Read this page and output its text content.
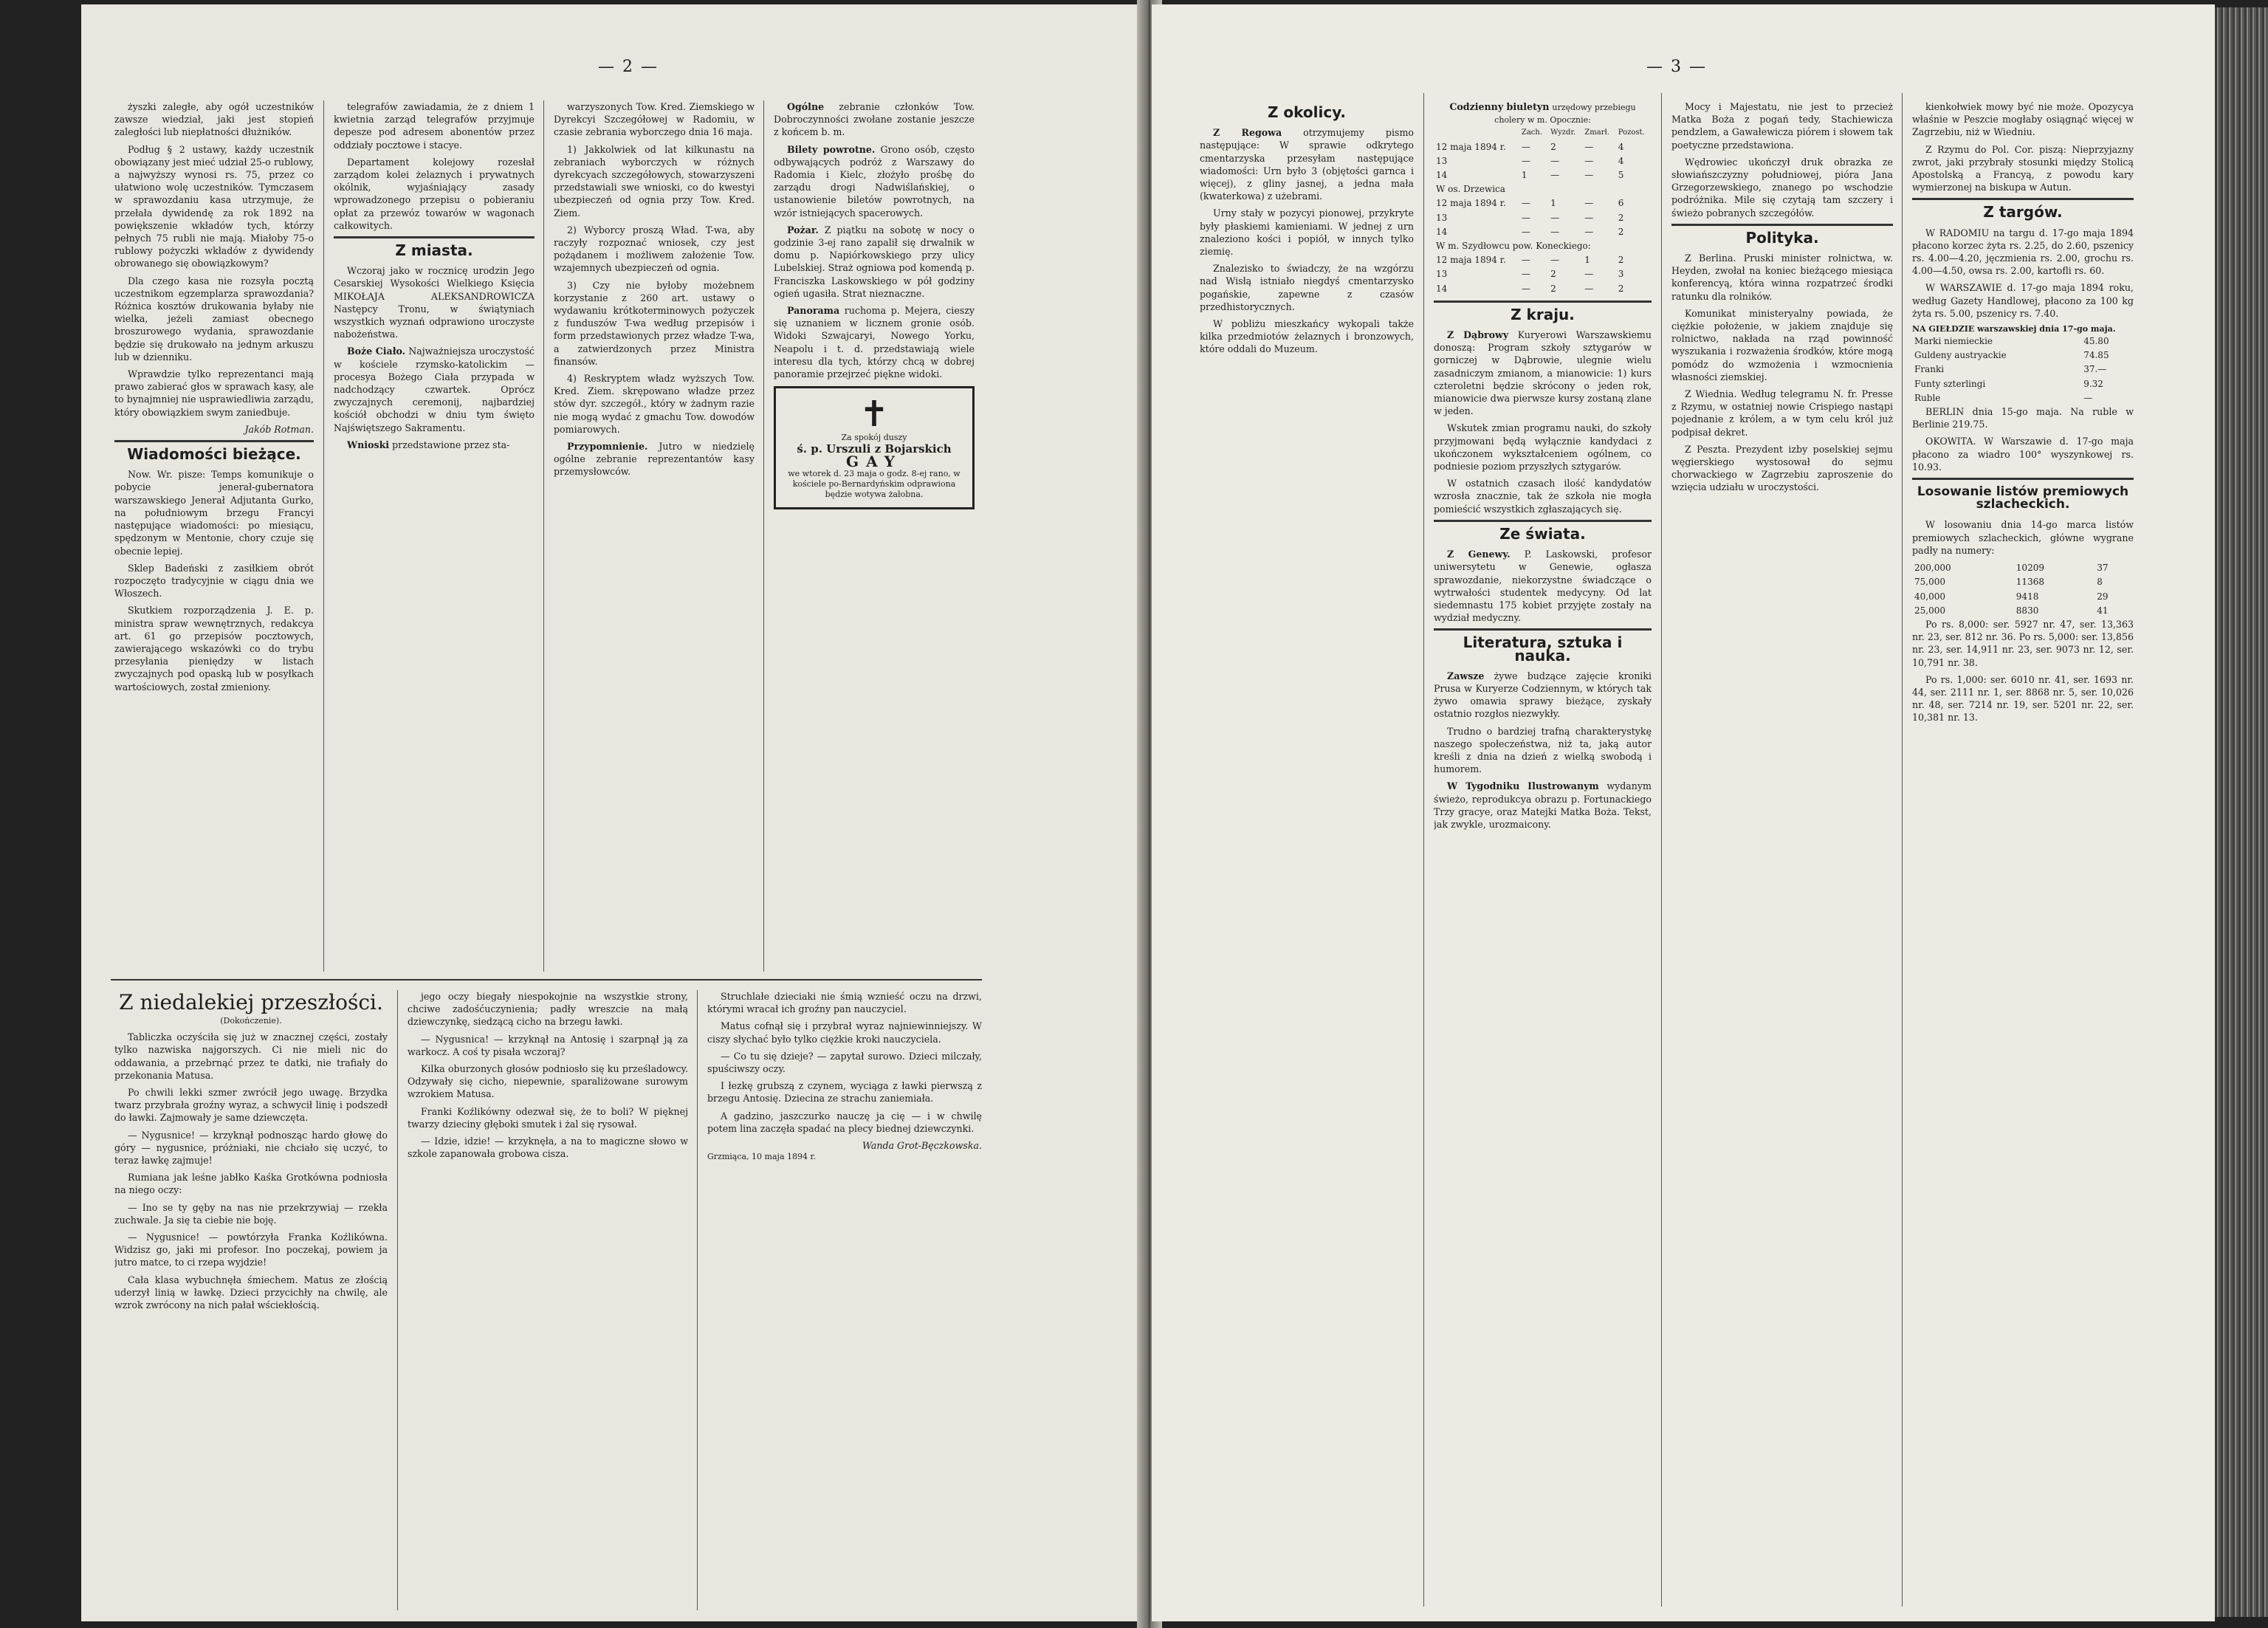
— 2 —

żyszki zaległe, aby ogół uczestników zawsze wiedział, jaki jest stopień zaległości lub niepłatności dłużników.

Podług § 2 ustawy, każdy uczestnik obowiązany jest mieć udział 25-o rublowy, a najwyższy wynosi rs. 75, przez co ułatwiono wolę uczestników. Tymczasem w sprawozdaniu kasa utrzymuje, że przełała dywidendę za rok 1892 na powiększenie wkładów tych, którzy pełnych 75 rubli nie mają. Miałoby 75-o rublowy pożyczki wkładów z dywidendy obrowanego się obowiązkowym?

Dla czego kasa nie rozsyła pocztą uczestnikom egzemplarza sprawozdania? Różnica kosztów drukowania byłaby nie wielka, jeżeli zamiast obecnego broszurowego wydania, sprawozdanie będzie się drukowało na jednym arkuszu lub w dzienniku.

Wprawdzie tylko reprezentanci mają prawo zabierać głos w sprawach kasy, ale to bynajmniej nie usprawiedliwia zarządu, który obowiązkiem swym zaniedbuje.

Jakób Rotman.
Wiadomości bieżące.

Now. Wr. pisze: Temps komunikuje o pobycie jenerał-gubernatora warszawskiego Jenerał Adjutanta Gurko, na południowym brzegu Francyi następujące wiadomości: po miesiącu, spędzonym w Mentonie, chory czuje się obecnie lepiej.

Sklep Badeński z zasiłkiem obrót rozpoczęto tradycyjnie w ciągu dnia we Włoszech.

Skutkiem rozporządzenia J. E. p. ministra spraw wewnętrznych, redakcya art. 61 go przepisów pocztowych, zawierającego wskazówki co do trybu przesyłania pieniędzy w listach zwyczajnych pod opaską lub w posyłkach wartościowych, został zmieniony.

telegrafów zawiadamia, że z dniem 1 kwietnia zarząd telegrafów przyjmuje depesze pod adresem abonentów przez oddziały pocztowe i stacye.

Departament kolejowy rozesłał zarządom kolei żelaznych i prywatnych okólnik, wyjaśniający zasady wprowadzonego przepisu o pobieraniu opłat za przewóz towarów w wagonach całkowitych.

Z miasta.

Wczoraj jako w rocznicę urodzin Jego Cesarskiej Wysokości Wielkiego Księcia MIKOŁAJA ALEKSANDROWICZA Następcy Tronu, w świątyniach wszystkich wyznań odprawiono uroczyste nabożeństwa.

Boże Ciało. Najważniejsza uroczystość w kościele rzymsko-katolickim — procesya Bożego Ciała przypada w nadchodzący czwartek. Oprócz zwyczajnych ceremonij, najbardziej kościół obchodzi w dniu tym święto Najświętszego Sakramentu.

Wnioski przedstawione przez sta-

warzyszonych Tow. Kred. Ziemskiego w Dyrekcyi Szczegółowej w Radomiu, w czasie zebrania wyborczego dnia 16 maja.

1) Jakkolwiek od lat kilkunastu na zebraniach wyborczych w różnych dyrekcyach szczegółowych, stowarzyszeni przedstawiali swe wnioski, co do kwestyi ubezpieczeń od ognia przy Tow. Kred. Ziem.

2) Wyborcy proszą Wład. T-wa, aby raczyły rozpoznać wniosek, czy jest pożądanem i możliwem założenie Tow. wzajemnych ubezpieczeń od ognia.

3) Czy nie byłoby możebnem korzystanie z 260 art. ustawy o wydawaniu krótkoterminowych pożyczek z funduszów T-wa według przepisów i form przedstawionych przez władze T-wa, a zatwierdzonych przez Ministra finansów.

4) Reskryptem władz wyższych Tow. Kred. Ziem. skrępowano władze przez stów dyr. szczegół., który w żadnym razie nie mogą wydać z gmachu Tow. dowodów pomiarowych.

Przypomnienie. Jutro w niedzielę ogólne zebranie reprezentantów kasy przemysłowców.

Ogólne zebranie członków Tow. Dobroczynności zwołane zostanie jeszcze z końcem b. m.

Bilety powrotne. Grono osób, często odbywających podróż z Warszawy do Radomia i Kielc, złożyło prośbę do zarządu drogi Nadwiślańskiej, o ustanowienie biletów powrotnych, na wzór istniejących spacerowych.

Pożar. Z piątku na sobotę w nocy o godzinie 3-ej rano zapalił się drwalnik w domu p. Napiórkowskiego przy ulicy Lubelskiej. Straż ogniowa pod komendą p. Franciszka Laskowskiego w pół godziny ogień ugasiła. Strat nieznaczne.

Panorama ruchoma p. Mejera, cieszy się uznaniem w licznem gronie osób. Widoki Szwajcaryi, Nowego Yorku, Neapolu i t. d. przedstawiają wiele interesu dla tych, którzy chcą w dobrej panoramie przejrzeć piękne widoki.

✝
Za spokój duszy
ś. p. Urszuli z Bojarskich
GAY
we wtorek d. 23 maja o godz. 8-ej rano, w kościele po-Bernardyńskim odprawiona będzie wotywa żałobna.
Z niedalekiej przeszłości.
(Dokończenie).

Tabliczka oczyściła się już w znacznej części, zostały tylko nazwiska najgorszych. Ci nie mieli nic do oddawania, a przebrnąć przez te datki, nie trafiały do przekonania Matusa.

Po chwili lekki szmer zwrócił jego uwagę. Brzydka twarz przybrała groźny wyraz, a schwycił linię i podszedł do ławki. Zajmowały je same dziewczęta.

— Nygusnice! — krzyknął podnosząc hardo głowę do góry — nygusnice, próżniaki, nie chciało się uczyć, to teraz ławkę zajmuje!

Rumiana jak leśne jabłko Kaśka Grotkówna podniosła na niego oczy:

— Ino se ty gęby na nas nie przekrzywiaj — rzekła zuchwale. Ja się ta ciebie nie boję.

— Nygusnice! — powtórzyła Franka Koźlikówna. Widzisz go, jaki mi profesor. Ino poczekaj, powiem ja jutro matce, to ci rzepa wyjdzie!

Cała klasa wybuchnęła śmiechem. Matus ze złością uderzył linią w ławkę. Dzieci przycichły na chwilę, ale wzrok zwrócony na nich pałał wściekłością.

jego oczy biegały niespokojnie na wszystkie strony, chciwe zadośćuczynienia; padły wreszcie na małą dziewczynkę, siedzącą cicho na brzegu ławki.

— Nygusnica! — krzyknął na Antosię i szarpnął ją za warkocz. A coś ty pisała wczoraj?

Kilka oburzonych głosów podniosło się ku prześladowcy. Odzywały się cicho, niepewnie, sparaliżowane surowym wzrokiem Matusa.

Franki Koźlikówny odezwał się, że to boli? W pięknej twarzy dzieciny głęboki smutek i żal się rysował.

— Idzie, idzie! — krzyknęła, a na to magiczne słowo w szkole zapanowała grobowa cisza.

Struchlałe dzieciaki nie śmią wznieść oczu na drzwi, którymi wracał ich groźny pan nauczyciel.

Matus cofnął się i przybrał wyraz najniewinniejszy. W ciszy słychać było tylko ciężkie kroki nauczyciela.

— Co tu się dzieje? — zapytał surowo. Dzieci milczały, spuściwszy oczy.

I łezkę grubszą z czynem, wyciąga z ławki pierwszą z brzegu Antosię. Dziecina ze strachu zaniemiała.

A gadzino, jaszczurko nauczę ja cię — i w chwilę potem lina zaczęła spadać na plecy biednej dziewczynki.

Wanda Grot-Bęczkowska.
Grzmiąca, 10 maja 1894 r.
— 3 —
Z okolicy.

Z Regowa otrzymujemy pismo następujące: W sprawie odkrytego cmentarzyska przesyłam następujące wiadomości: Urn było 3 (objętości garnca i więcej), z gliny jasnej, a jedna mała (kwaterkowa) z użebrami.

Urny stały w pozycyi pionowej, przykryte były płaskiemi kamieniami. W jednej z urn znaleziono kości i popiół, w innych tylko ziemię.

Znalezisko to świadczy, że na wzgórzu nad Wisłą istniało niegdyś cmentarzysko pogańskie, zapewne z czasów przedhistorycznych.

W pobliżu mieszkańcy wykopali także kilka przedmiotów żelaznych i bronzowych, które oddali do Muzeum.

Codzienny biuletyn urzędowy przebiegu cholery w m. Opocznie:
	Zach.	Wyzdr.	Zmarł.	Pozost.
12 maja 1894 r.	—	2	—	4
13	—	—	—	4
14	1	—	—	5
W os. Drzewica				
12 maja 1894 r.	—	1	—	6
13	—	—	—	2
14	—	—	—	2
W m. Szydłowcu pow. Koneckiego:				
12 maja 1894 r.	—	—	1	2
13	—	2	—	3
14	—	2	—	2
Z kraju.

Z Dąbrowy Kuryerowi Warszawskiemu donoszą: Program szkoły sztygarów w gorniczej w Dąbrowie, ulegnie wielu zasadniczym zmianom, a mianowicie: 1) kurs czteroletni będzie skrócony o jeden rok, mianowicie dwa pierwsze kursy zostaną zlane w jeden.

Wskutek zmian programu nauki, do szkoły przyjmowani będą wyłącznie kandydaci z ukończonem wykształceniem ogólnem, co podniesie poziom przyszłych sztygarów.

W ostatnich czasach ilość kandydatów wzrosła znacznie, tak że szkoła nie mogła pomieścić wszystkich zgłaszających się.

Ze świata.

Z Genewy. P. Laskowski, profesor uniwersytetu w Genewie, ogłasza sprawozdanie, niekorzystne świadczące o wytrwałości studentek medycyny. Od lat siedemnastu 175 kobiet przyjęte zostały na wydział medyczny.

Literatura, sztuka i nauka.

Zawsze żywe budzące zajęcie kroniki Prusa w Kuryerze Codziennym, w których tak żywo omawia sprawy bieżące, zyskały ostatnio rozgłos niezwykły.

Trudno o bardziej trafną charakterystykę naszego społeczeństwa, niż ta, jaką autor kreśli z dnia na dzień z wielką swobodą i humorem.

W Tygodniku Ilustrowanym wydanym świeżo, reprodukcya obrazu p. Fortunackiego Trzy gracye, oraz Matejki Matka Boża. Tekst, jak zwykle, urozmaicony.

Mocy i Majestatu, nie jest to przecież Matka Boża z pogań tedy, Stachiewicza pendzlem, a Gawałewicza piórem i słowem tak poetyczne przedstawiona.

Wędrowiec ukończył druk obrazka ze słowiańszczyzny południowej, pióra Jana Grzegorzewskiego, znanego po wschodzie podróżnika. Mile się czytają tam szczery i świeżo pobranych szczegółów.

Polityka.

Z Berlina. Pruski minister rolnictwa, w. Heyden, zwołał na koniec bieżącego miesiąca konferencyą, która winna rozpatrzeć środki ratunku dla rolników.

Komunikat ministeryalny powiada, że ciężkie położenie, w jakiem znajduje się rolnictwo, nakłada na rząd powinność wyszukania i rozważenia środków, które mogą pomódz do wzmożenia i wzmocnienia własności ziemskiej.

Z Wiednia. Według telegramu N. fr. Presse z Rzymu, w ostatniej nowie Crispiego nastąpi pojednanie z królem, a w tym celu król już podpisał dekret.

Z Peszta. Prezydent izby poselskiej sejmu węgierskiego wystosował do sejmu chorwackiego w Zagrzebiu zaproszenie do wzięcia udziału w uroczystości.

kienkołwiek mowy być nie może. Opozycya właśnie w Peszcie mogłaby osiągnąć więcej w Zagrzebiu, niż w Wiedniu.

Z Rzymu do Pol. Cor. piszą: Nieprzyjazny zwrot, jaki przybrały stosunki między Stolicą Apostolską a Francyą, z powodu kary wymierzonej na biskupa w Autun.

Z targów.

W RADOMIU na targu d. 17-go maja 1894 płacono korzec żyta rs. 2.25, do 2.60, pszenicy rs. 4.00—4.20, jęczmienia rs. 2.00, grochu rs. 4.00—4.50, owsa rs. 2.00, kartofli rs. 60.

W WARSZAWIE d. 17-go maja 1894 roku, według Gazety Handlowej, płacono za 100 kg żyta rs. 5.00, pszenicy rs. 7.40.

NA GIEŁDZIE warszawskiej dnia 17-go maja.
Marki niemieckie	45.80
Guldeny austryackie	74.85
Franki	37.—
Funty szterlingi	9.32
Ruble	—

BERLIN dnia 15-go maja. Na ruble w Berlinie 219.75.

OKOWITA. W Warszawie d. 17-go maja płacono za wiadro 100° wyszynkowej rs. 10.93.

Losowanie listów premiowych szlacheckich.

W losowaniu dnia 14-go marca listów premiowych szlacheckich, główne wygrane padły na numery:

200,000	10209	37
75,000	11368	8
40,000	9418	29
25,000	8830	41

Po rs. 8,000: ser. 5927 nr. 47, ser. 13,363 nr. 23, ser. 812 nr. 36. Po rs. 5,000: ser. 13,856 nr. 23, ser. 14,911 nr. 23, ser. 9073 nr. 12, ser. 10,791 nr. 38.

Po rs. 1,000: ser. 6010 nr. 41, ser. 1693 nr. 44, ser. 2111 nr. 1, ser. 8868 nr. 5, ser. 10,026 nr. 48, ser. 7214 nr. 19, ser. 5201 nr. 22, ser. 10,381 nr. 13.
